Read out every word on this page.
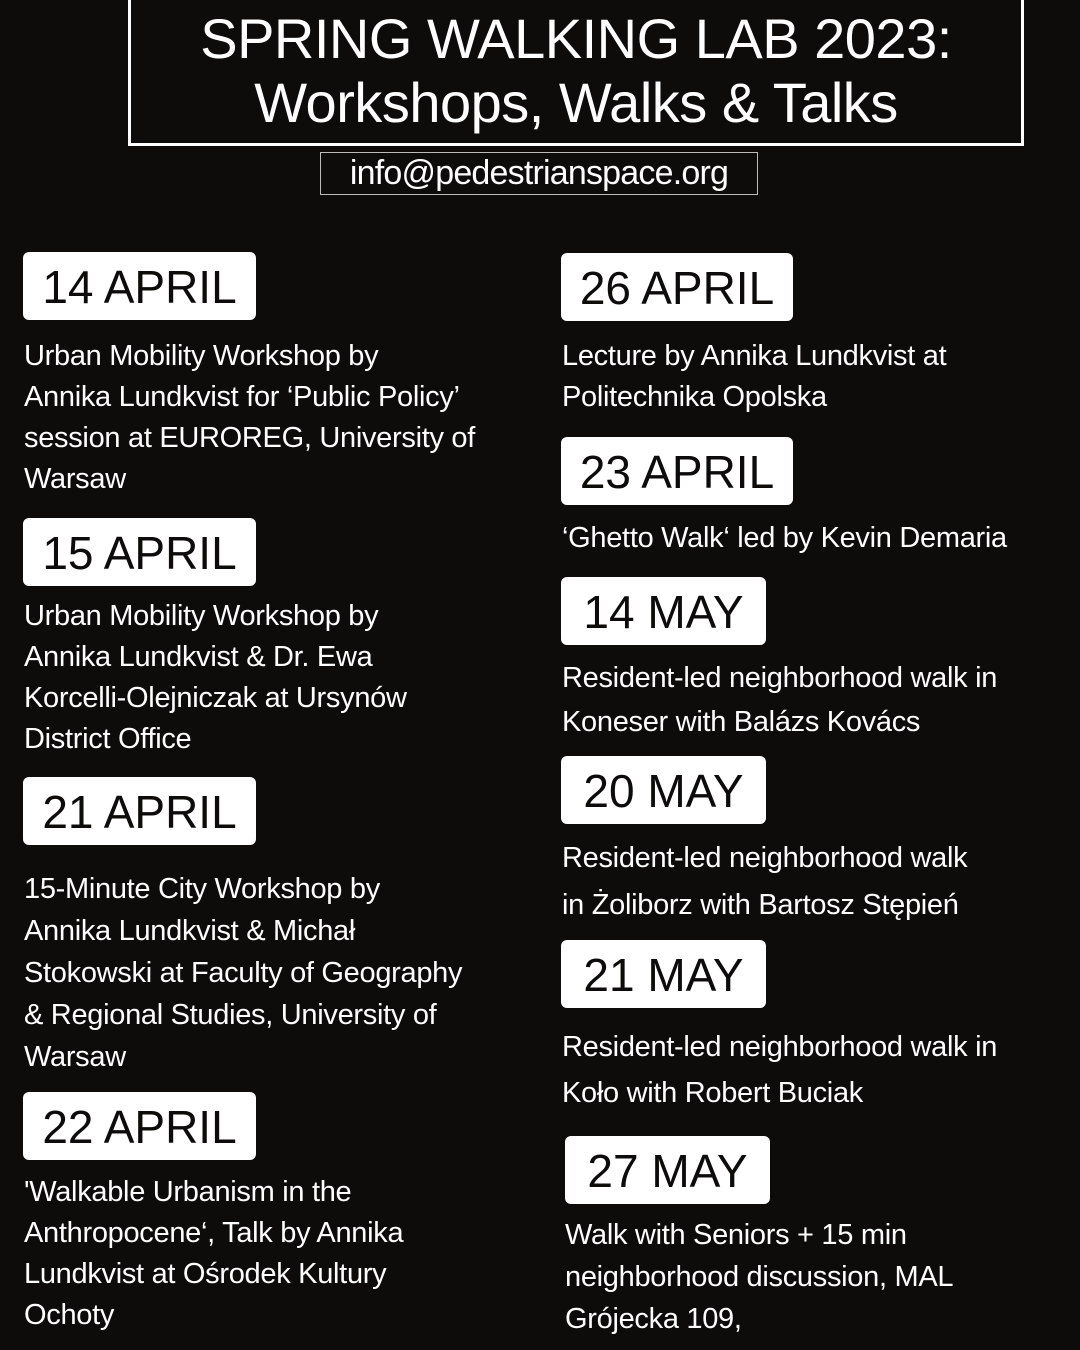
SPRING WALKING LAB 2023:
Workshops, Walks & Talks
info@pedestrianspace.org
14 APRIL
Urban Mobility Workshop by
Annika Lundkvist for ‘Public Policy’
session at EUROREG, University of
Warsaw
15 APRIL
Urban Mobility Workshop by
Annika Lundkvist & Dr. Ewa
Korcelli-Olejniczak at Ursynów
District Office
21 APRIL
15-Minute City Workshop by
Annika Lundkvist & Michał
Stokowski at Faculty of Geography
& Regional Studies, University of
Warsaw
22 APRIL
'Walkable Urbanism in the
Anthropocene‘, Talk by Annika
Lundkvist at Ośrodek Kultury
Ochoty
26 APRIL
Lecture by Annika Lundkvist at
Politechnika Opolska
23 APRIL
‘Ghetto Walk‘ led by Kevin Demaria
14 MAY
Resident-led neighborhood walk in
Koneser with Balázs Kovács
20 MAY
Resident-led neighborhood walk
in Żoliborz with Bartosz Stępień
21 MAY
Resident-led neighborhood walk in
Koło with Robert Buciak
27 MAY
Walk with Seniors + 15 min
neighborhood discussion, MAL
Grójecka 109,
